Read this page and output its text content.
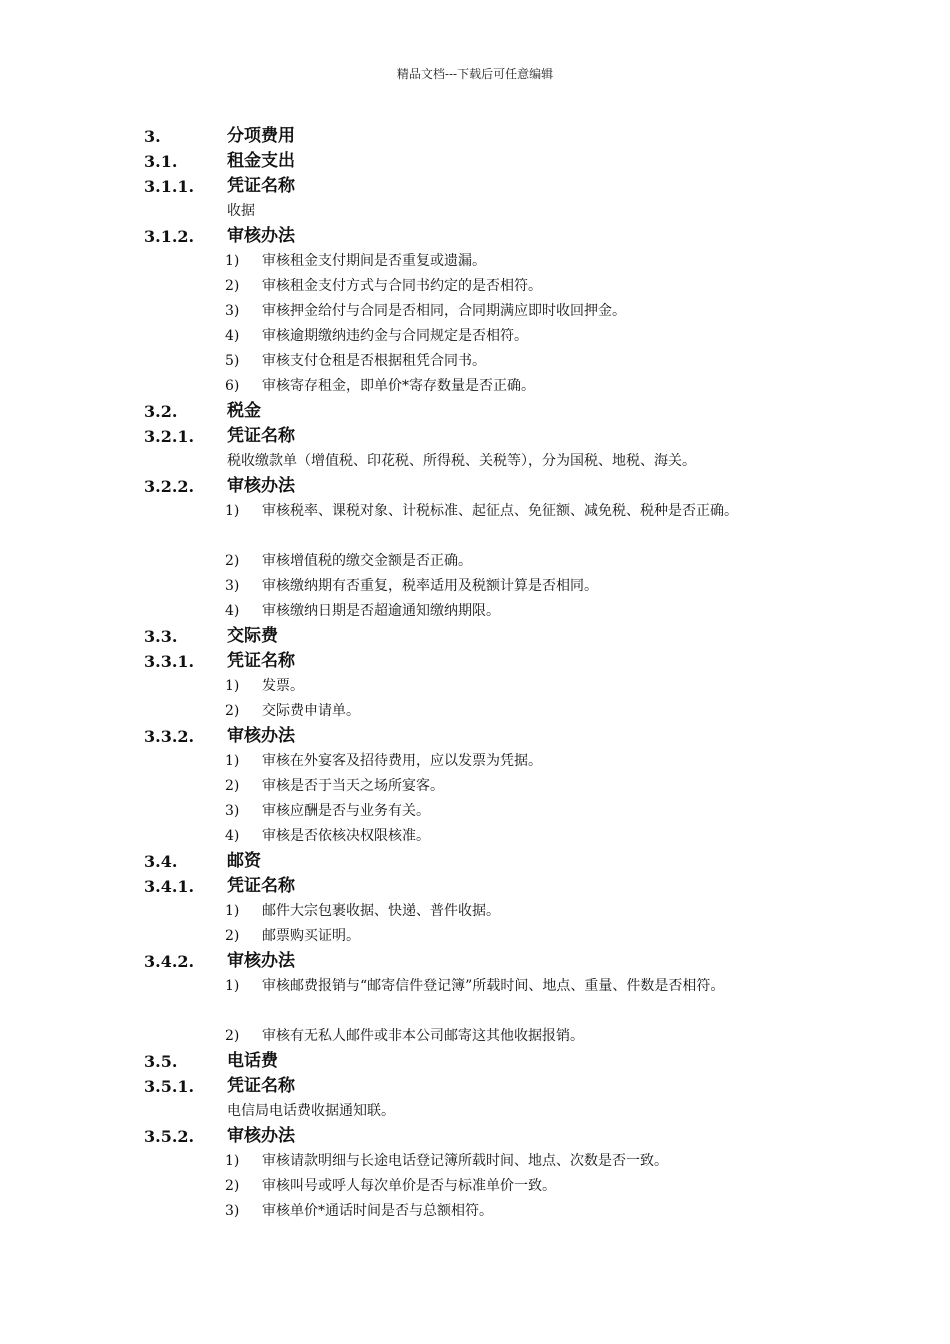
精品文档---下载后可任意编辑
3.	分项费用
3.1.	租金支出
3.1.1. 凭证名称
收据
3.1.2. 审核办法
1) 审核租金支付期间是否重复或遗漏。
2) 审核租金支付方式与合同书约定的是否相符。
3) 审核押金给付与合同是否相同，合同期满应即时收回押金。
4) 审核逾期缴纳违约金与合同规定是否相符。
5) 审核支付仓租是否根据租凭合同书。
6) 审核寄存租金，即单价*寄存数量是否正确。
3.2.	税金
3.2.1. 凭证名称
税收缴款单（增值税、印花税、所得税、关税等），分为国税、地税、海关。
3.2.2. 审核办法
1) 审核税率、课税对象、计税标准、起征点、免征额、减免税、税种是否正确。
2) 审核增值税的缴交金额是否正确。
3) 审核缴纳期有否重复，税率适用及税额计算是否相同。
4) 审核缴纳日期是否超逾通知缴纳期限。
3.3.	交际费
3.3.1. 凭证名称
1) 发票。
2) 交际费申请单。
3.3.2. 审核办法
1) 审核在外宴客及招待费用，应以发票为凭据。
2) 审核是否于当天之场所宴客。
3) 审核应酬是否与业务有关。
4) 审核是否依核决权限核准。
3.4.	邮资
3.4.1. 凭证名称
1) 邮件大宗包裹收据、快递、普件收据。
2) 邮票购买证明。
3.4.2. 审核办法
1) 审核邮费报销与“邮寄信件登记簿”所载时间、地点、重量、件数是否相符。
2) 审核有无私人邮件或非本公司邮寄这其他收据报销。
3.5.	电话费
3.5.1. 凭证名称
电信局电话费收据通知联。
3.5.2. 审核办法
1) 审核请款明细与长途电话登记簿所载时间、地点、次数是否一致。
2) 审核叫号或呼人每次单价是否与标准单价一致。
3) 审核单价*通话时间是否与总额相符。
